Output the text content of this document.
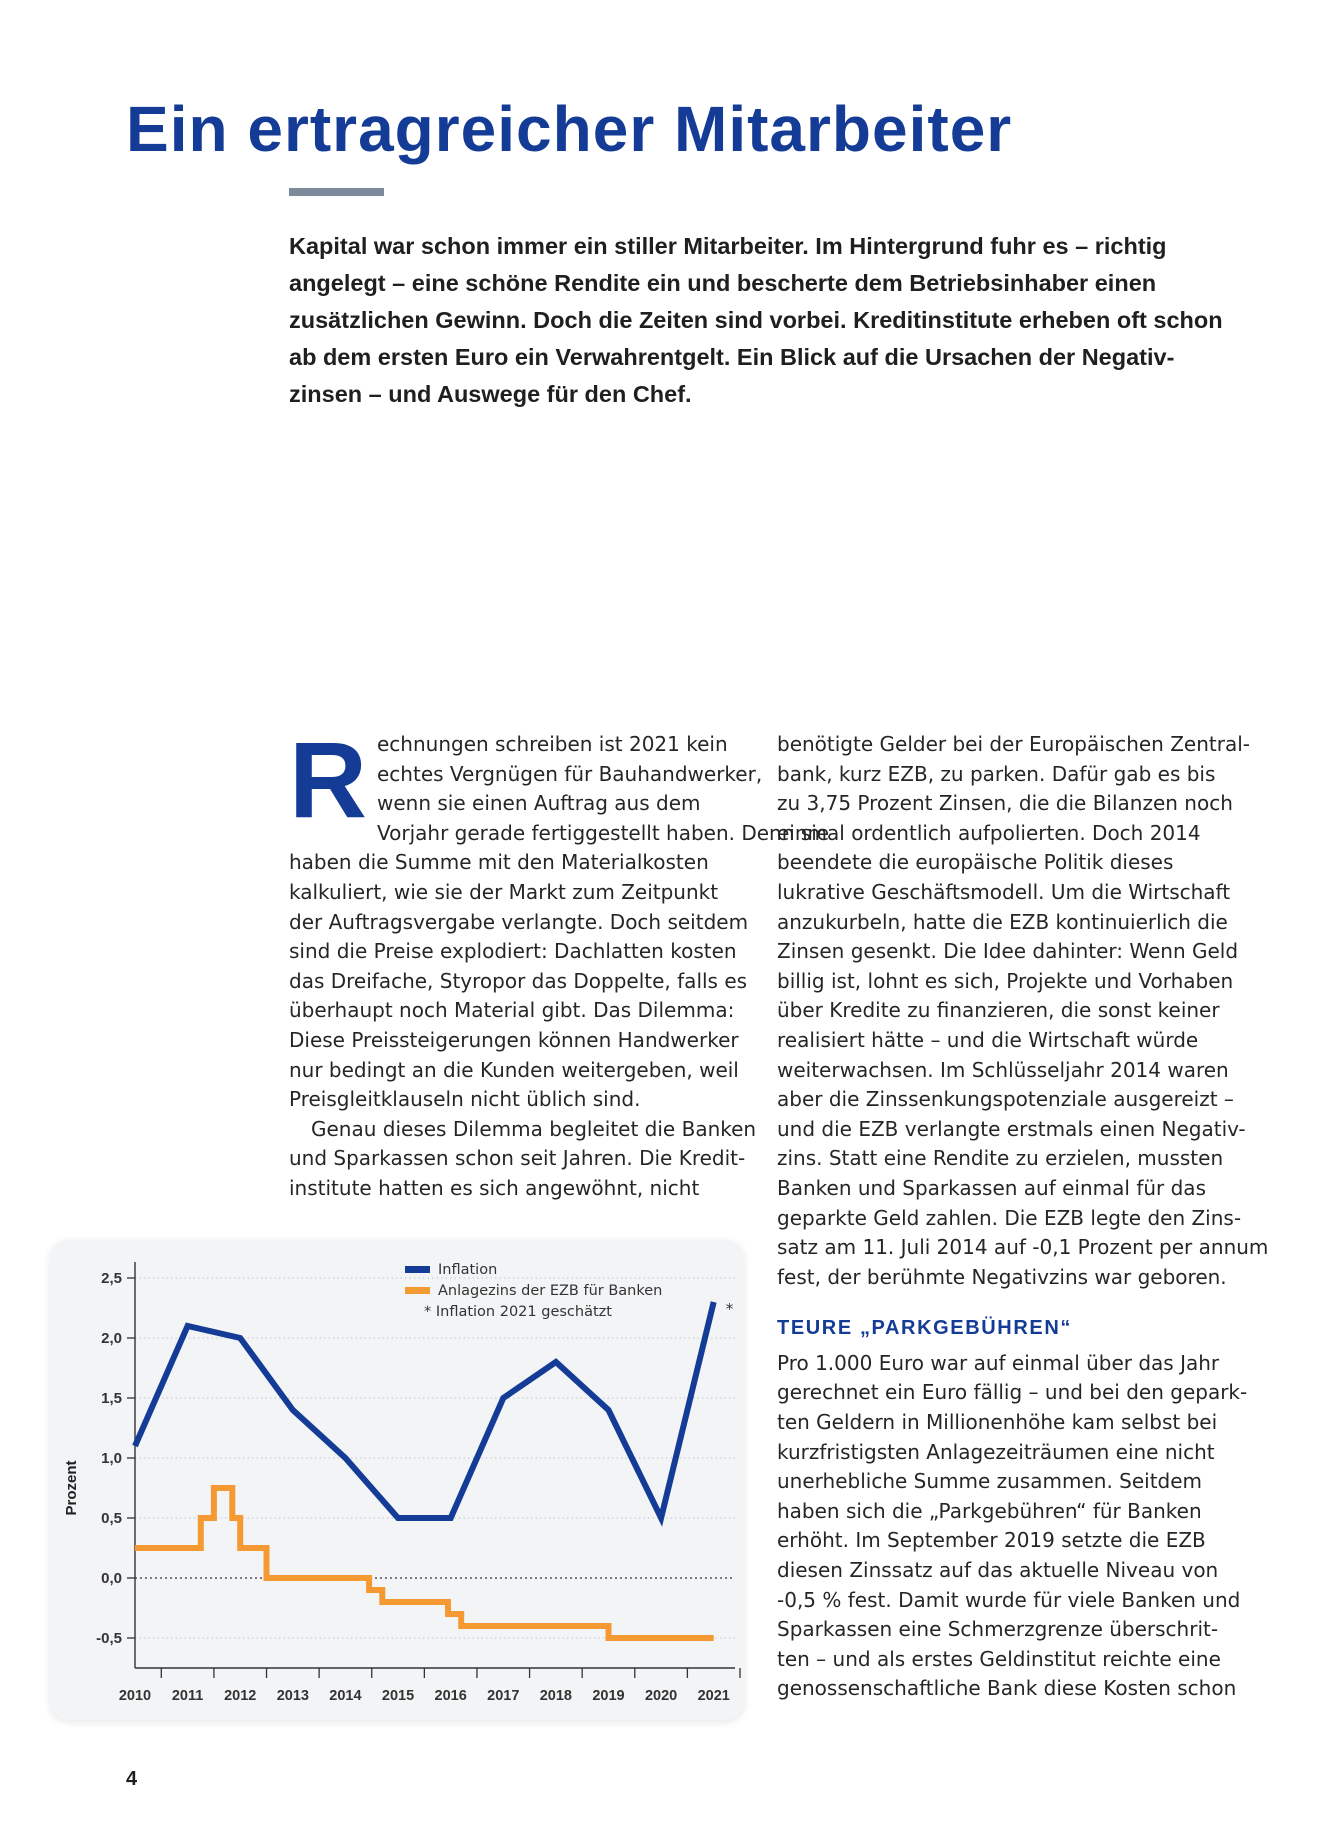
Ein ertragreicher Mitarbeiter

Kapital war schon immer ein stiller Mitarbeiter. Im Hintergrund fuhr es – richtig
angelegt – eine schöne Rendite ein und bescherte dem Betriebsinhaber einen
zusätzlichen Gewinn. Doch die Zeiten sind vorbei. Kreditinstitute erheben oft schon
ab dem ersten Euro ein Verwahrentgelt. Ein Blick auf die Ursachen der Negativ-
zinsen – und Auswege für den Chef.

R echnungen schreiben ist 2021 kein
echtes Vergnügen für Bauhandwerker,
wenn sie einen Auftrag aus dem
Vorjahr gerade fertiggestellt haben. Denn sie
haben die Summe mit den Materialkosten
kalkuliert, wie sie der Markt zum Zeitpunkt
der Auftragsvergabe verlangte. Doch seitdem
sind die Preise explodiert: Dachlatten kosten
das Dreifache, Styropor das Doppelte, falls es
überhaupt noch Material gibt. Das Dilemma:
Diese Preissteigerungen können Handwerker
nur bedingt an die Kunden weitergeben, weil
Preisgleitklauseln nicht üblich sind.

Genau dieses Dilemma begleitet die Banken

und Sparkassen schon seit Jahren. Die Kredit-
institute hatten es sich angewöhnt, nicht

benötigte Gelder bei der Europäischen Zentral-
bank, kurz EZB, zu parken. Dafür gab es bis
zu 3,75 Prozent Zinsen, die die Bilanzen noch
einmal ordentlich aufpolierten. Doch 2014
beendete die europäische Politik dieses
lukrative Geschäftsmodell. Um die Wirtschaft
anzukurbeln, hatte die EZB kontinuierlich die
Zinsen gesenkt. Die Idee dahinter: Wenn Geld
billig ist, lohnt es sich, Projekte und Vorhaben
über Kredite zu finanzieren, die sonst keiner
realisiert hätte – und die Wirtschaft würde
weiterwachsen. Im Schlüsseljahr 2014 waren
aber die Zinssenkungspotenziale ausgereizt –
und die EZB verlangte erstmals einen Negativ-
zins. Statt eine Rendite zu erzielen, mussten
Banken und Sparkassen auf einmal für das
geparkte Geld zahlen. Die EZB legte den Zins-
satz am 11. Juli 2014 auf -0,1 Prozent per annum
fest, der berühmte Negativzins war geboren.

TEURE „PARKGEBÜHREN“

Pro 1.000 Euro war auf einmal über das Jahr
gerechnet ein Euro fällig – und bei den gepark-
ten Geldern in Millionenhöhe kam selbst bei
kurzfristigsten Anlagezeiträumen eine nicht
unerhebliche Summe zusammen. Seitdem
haben sich die „Parkgebühren“ für Banken
erhöht. Im September 2019 setzte die EZB
diesen Zinssatz auf das aktuelle Niveau von
-0,5 % fest. Damit wurde für viele Banken und
Sparkassen eine Schmerzgrenze überschrit-
ten – und als erstes Geldinstitut reichte eine
genossenschaftliche Bank diese Kosten schon

2,5
2,0
1,5
1,0
0,5
0,0
-0,5
2010 2011 2012 2013 2014 2015 2016 2017 2018 2019 2020 2021
Prozent
*
Inflation
Anlagezins der EZB für Banken
* Inflation 2021 geschätzt
4
